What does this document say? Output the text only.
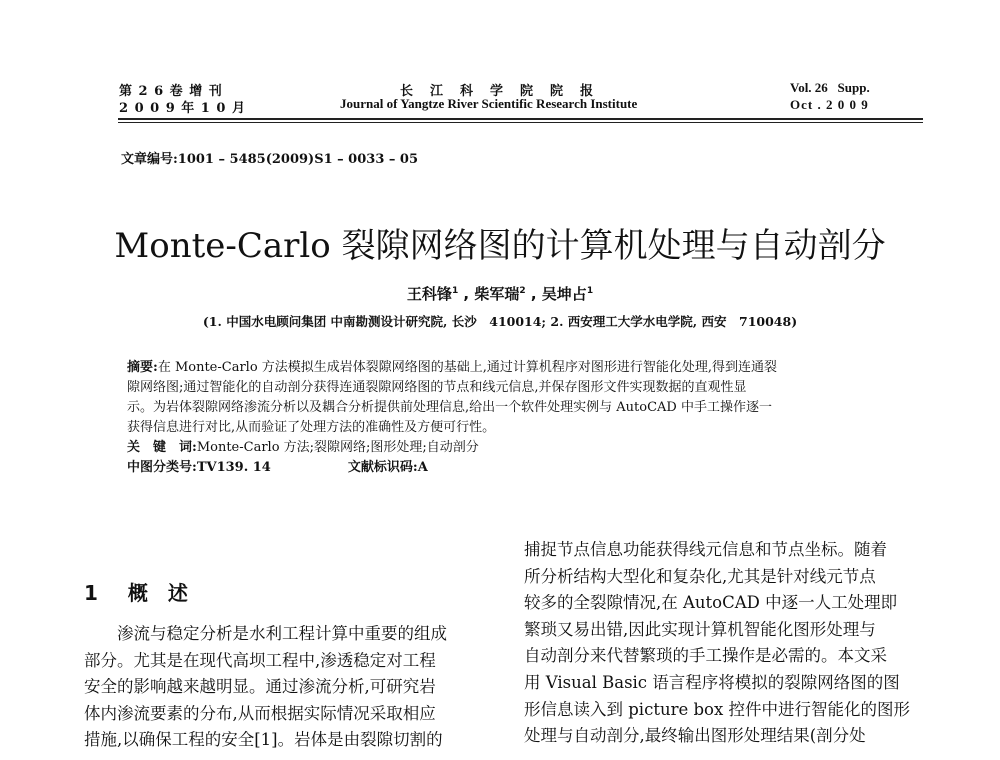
第 2 6 卷 增 刊
2 0 0 9 年 1 0 月
长　江　科　学　院　院　报
Journal of Yangtze River Scientific Research Institute
Vol. 26   Supp.
Oct . 2 0 0 9
文章编号:1001 – 5485(2009)S1 – 0033 – 05
Monte-Carlo 裂隙网络图的计算机处理与自动剖分
王科锋$^1$ , 柴军瑞$^2$ , 吴坤占$^1$
(1. 中国水电顾问集团 中南勘测设计研究院, 长沙　410014; 2. 西安理工大学水电学院, 西安　710048)
摘要:在 Monte-Carlo 方法模拟生成岩体裂隙网络图的基础上,通过计算机程序对图形进行智能化处理,得到连通裂
隙网络图;通过智能化的自动剖分获得连通裂隙网络图的节点和线元信息,并保存图形文件实现数据的直观性显
示。为岩体裂隙网络渗流分析以及耦合分析提供前处理信息,给出一个软件处理实例与 AutoCAD 中手工操作逐一
获得信息进行对比,从而验证了处理方法的准确性及方便可行性。
关　键　词:Monte-Carlo 方法;裂隙网络;图形处理;自动剖分
中图分类号:TV139. 14	文献标识码:A
1 概　述
　　渗流与稳定分析是水利工程计算中重要的组成
部分。尤其是在现代高坝工程中,渗透稳定对工程
安全的影响越来越明显。通过渗流分析,可研究岩
体内渗流要素的分布,从而根据实际情况采取相应
措施,以确保工程的安全[1]。岩体是由裂隙切割的
捕捉节点信息功能获得线元信息和节点坐标。随着
所分析结构大型化和复杂化,尤其是针对线元节点
较多的全裂隙情况,在 AutoCAD 中逐一人工处理即
繁琐又易出错,因此实现计算机智能化图形处理与
自动剖分来代替繁琐的手工操作是必需的。本文采
用 Visual Basic 语言程序将模拟的裂隙网络图的图
形信息读入到 picture box 控件中进行智能化的图形
处理与自动剖分,最终输出图形处理结果(剖分处
